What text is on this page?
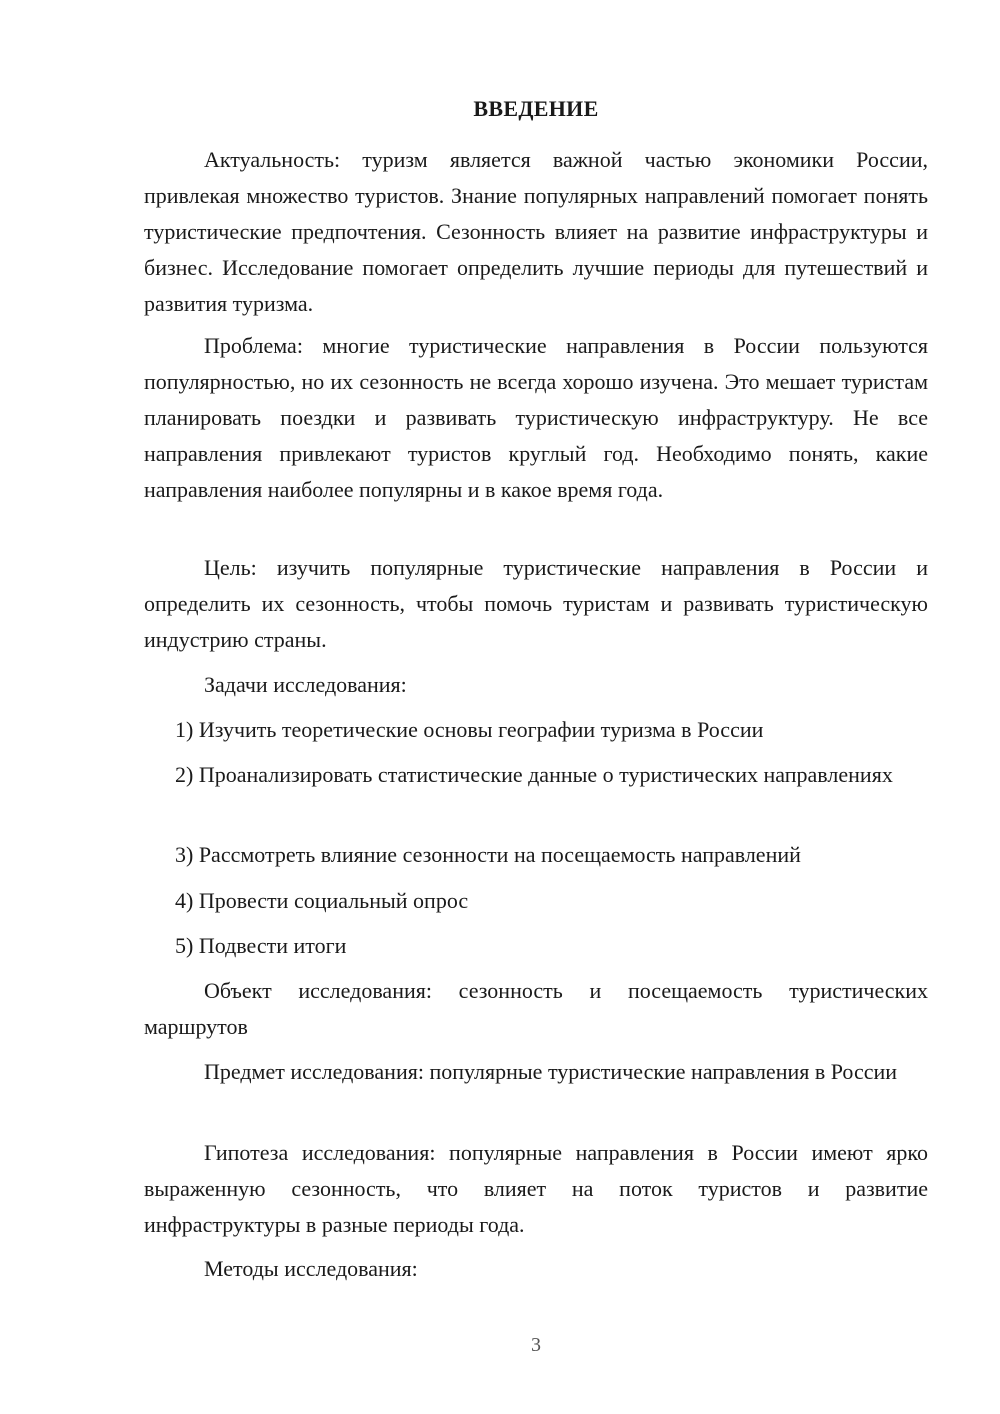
ВВЕДЕНИЕ

Актуальность: туризм является важной частью экономики России, привлекая множество туристов. Знание популярных направлений помогает понять туристические предпочтения. Сезонность влияет на развитие инфраструктуры и бизнес. Исследование помогает определить лучшие периоды для путешествий и развития туризма.

Проблема: многие туристические направления в России пользуются популярностью, но их сезонность не всегда хорошо изучена. Это мешает туристам планировать поездки и развивать туристическую инфраструктуру. Не все направления привлекают туристов круглый год. Необходимо понять, какие направления наиболее популярны и в какое время года.

Цель: изучить популярные туристические направления в России и определить их сезонность, чтобы помочь туристам и развивать туристическую индустрию страны.

Задачи исследования:

1) Изучить теоретические основы географии туризма в России

2) Проанализировать статистические данные о туристических направлениях

3) Рассмотреть влияние сезонности на посещаемость направлений

4) Провести социальный опрос

5) Подвести итоги

Объект исследования: сезонность и посещаемость туристических маршрутов

Предмет исследования: популярные туристические направления в России

Гипотеза исследования: популярные направления в России имеют ярко выраженную сезонность, что влияет на поток туристов и развитие инфраструктуры в разные периоды года.

Методы исследования:

3
